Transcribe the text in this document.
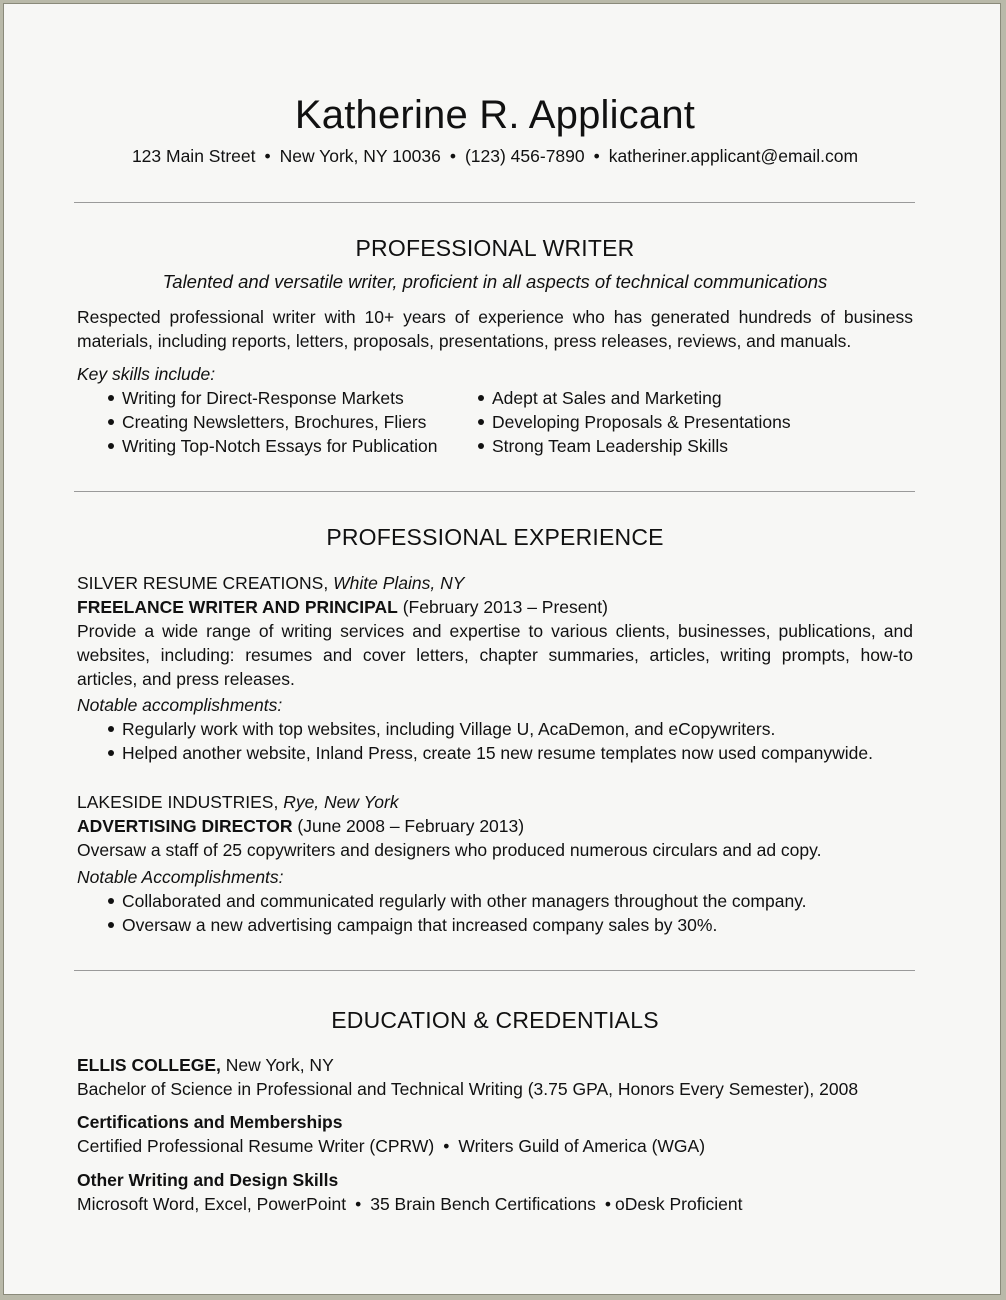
Katherine R. Applicant
123 Main Street • New York, NY 10036 • (123) 456-7890 • katheriner.applicant@email.com
PROFESSIONAL WRITER
Talented and versatile writer, proficient in all aspects of technical communications
Respected professional writer with 10+ years of experience who has generated hundreds of business materials, including reports, letters, proposals, presentations, press releases, reviews, and manuals.
Key skills include:
Writing for Direct-Response Markets
Creating Newsletters, Brochures, Fliers
Writing Top-Notch Essays for Publication
Adept at Sales and Marketing
Developing Proposals & Presentations
Strong Team Leadership Skills
PROFESSIONAL EXPERIENCE
SILVER RESUME CREATIONS, White Plains, NY
FREELANCE WRITER AND PRINCIPAL (February 2013 – Present)
Provide a wide range of writing services and expertise to various clients, businesses, publications, and websites, including: resumes and cover letters, chapter summaries, articles, writing prompts, how-to articles, and press releases.
Notable accomplishments:
Regularly work with top websites, including Village U, AcaDemon, and eCopywriters.
Helped another website, Inland Press, create 15 new resume templates now used companywide.
LAKESIDE INDUSTRIES, Rye, New York
ADVERTISING DIRECTOR (June 2008 – February 2013)
Oversaw a staff of 25 copywriters and designers who produced numerous circulars and ad copy.
Notable Accomplishments:
Collaborated and communicated regularly with other managers throughout the company.
Oversaw a new advertising campaign that increased company sales by 30%.
EDUCATION & CREDENTIALS
ELLIS COLLEGE, New York, NY
Bachelor of Science in Professional and Technical Writing (3.75 GPA, Honors Every Semester), 2008
Certifications and Memberships
Certified Professional Resume Writer (CPRW) • Writers Guild of America (WGA)
Other Writing and Design Skills
Microsoft Word, Excel, PowerPoint • 35 Brain Bench Certifications • oDesk Proficient
